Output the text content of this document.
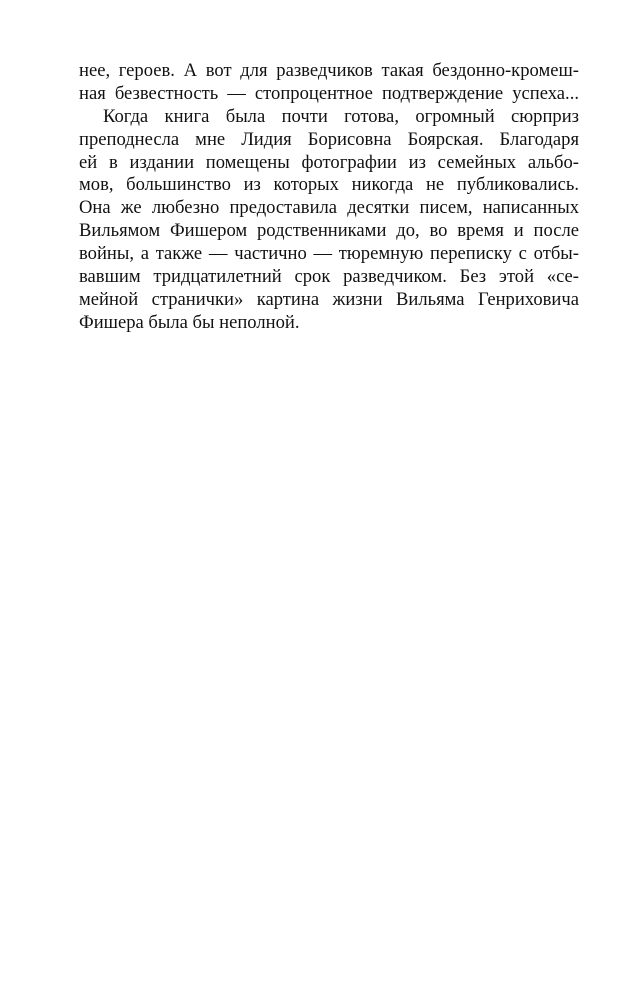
нее, героев. А вот для разведчиков такая бездонно-кромеш-
ная безвестность — стопроцентное подтверждение успеха...
Когда книга была почти готова, огромный сюрприз
преподнесла мне Лидия Борисовна Боярская. Благодаря
ей в издании помещены фотографии из семейных альбо-
мов, большинство из которых никогда не публиковались.
Она же любезно предоставила десятки писем, написанных
Вильямом Фишером родственниками до, во время и после
войны, а также — частично — тюремную переписку с отбы-
вавшим тридцатилетний срок разведчиком. Без этой «се-
мейной странички» картина жизни Вильяма Генриховича
Фишера была бы неполной.
